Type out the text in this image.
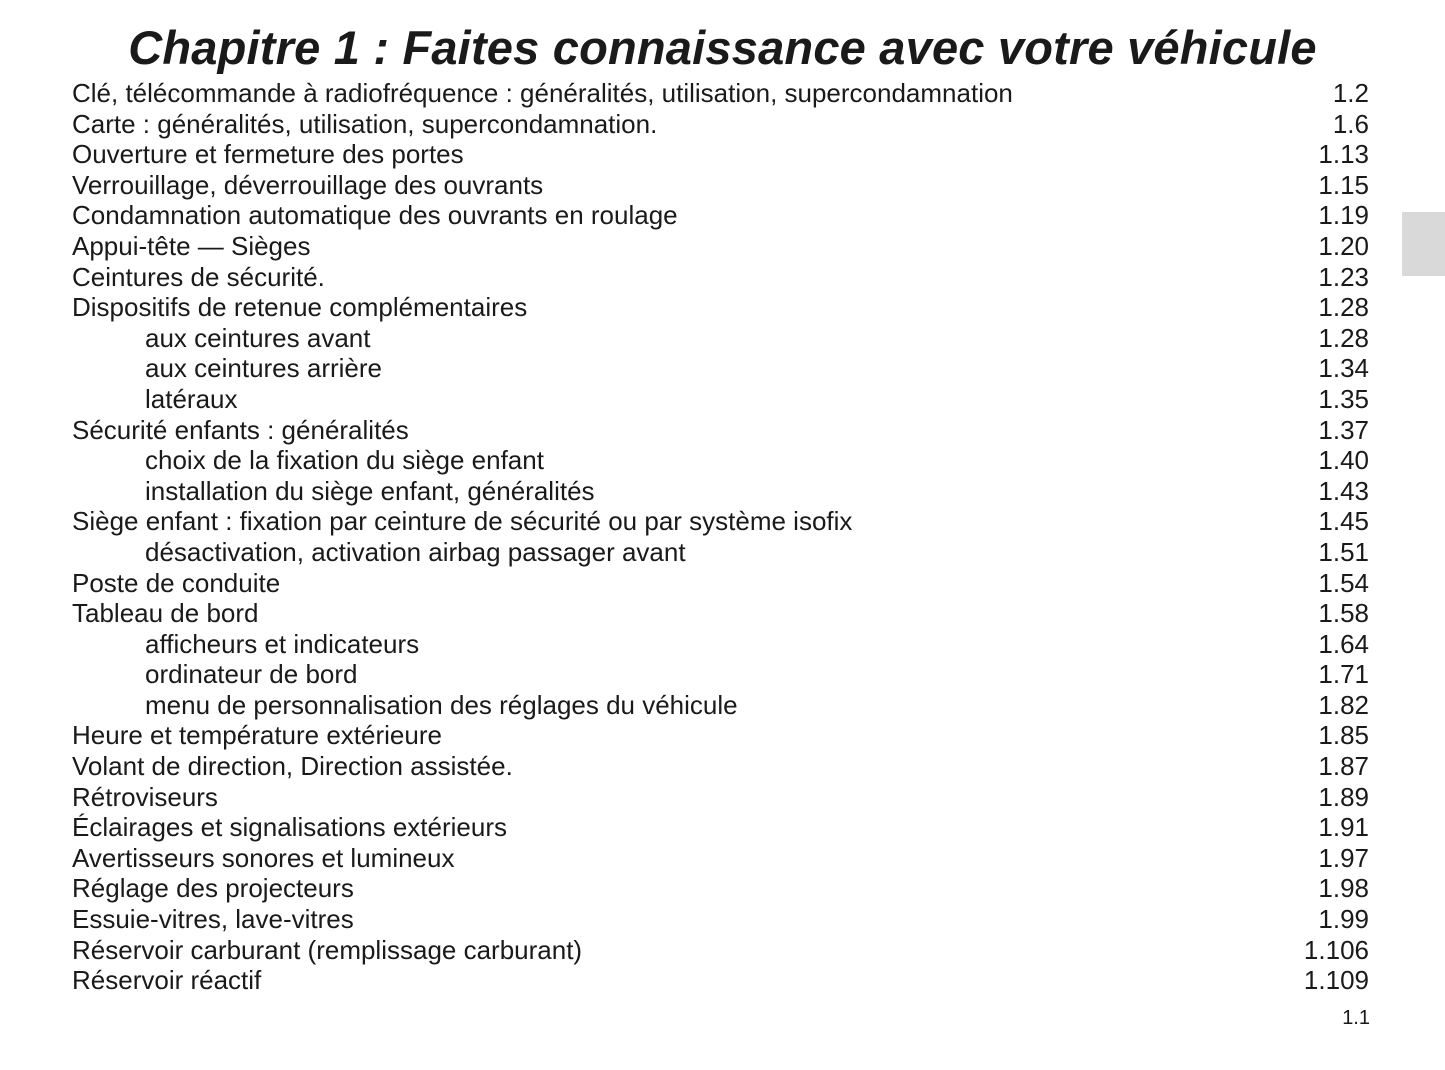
Chapitre 1 : Faites connaissance avec votre véhicule
Clé, télécommande à radiofréquence : généralités, utilisation, supercondamnation	1.2
Carte : généralités, utilisation, supercondamnation.	1.6
Ouverture et fermeture des portes	1.13
Verrouillage, déverrouillage des ouvrants	1.15
Condamnation automatique des ouvrants en roulage	1.19
Appui-tête — Sièges	1.20
Ceintures de sécurité.	1.23
Dispositifs de retenue complémentaires	1.28
aux ceintures avant	1.28
aux ceintures arrière	1.34
latéraux	1.35
Sécurité enfants : généralités	1.37
choix de la fixation du siège enfant	1.40
installation du siège enfant, généralités	1.43
Siège enfant : fixation par ceinture de sécurité ou par système isofix	1.45
désactivation, activation airbag passager avant	1.51
Poste de conduite	1.54
Tableau de bord	1.58
afficheurs et indicateurs	1.64
ordinateur de bord	1.71
menu de personnalisation des réglages du véhicule	1.82
Heure et température extérieure	1.85
Volant de direction, Direction assistée.	1.87
Rétroviseurs	1.89
Éclairages et signalisations extérieurs	1.91
Avertisseurs sonores et lumineux	1.97
Réglage des projecteurs	1.98
Essuie-vitres, lave-vitres	1.99
Réservoir carburant (remplissage carburant)	1.106
Réservoir réactif	1.109
1.1
